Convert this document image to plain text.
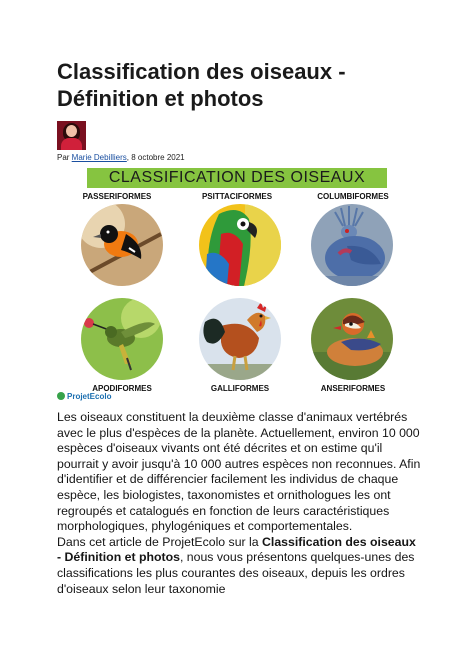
Classification des oiseaux - Définition et photos
Par Marie Debilliers, 8 octobre 2021
CLASSIFICATION DES OISEAUX
PASSERIFORMES	PSITTACIFORMES	COLUMBIFORMES
APODIFORMES	GALLIFORMES	ANSERIFORMES
ProjetEcolo

Les oiseaux constituent la deuxième classe d'animaux vertébrés avec le plus d'espèces de la planète. Actuellement, environ 10 000 espèces d'oiseaux vivants ont été décrites et on estime qu'il pourrait y avoir jusqu'à 10 000 autres espèces non reconnues. Afin d'identifier et de différencier facilement les individus de chaque espèce, les biologistes, taxonomistes et ornithologues les ont regroupés et catalogués en fonction de leurs caractéristiques morphologiques, phylogéniques et comportementales.

Dans cet article de ProjetEcolo sur la Classification des oiseaux - Définition et photos, nous vous présentons quelques-unes des classifications les plus courantes des oiseaux, depuis les ordres d'oiseaux selon leur taxonomie
